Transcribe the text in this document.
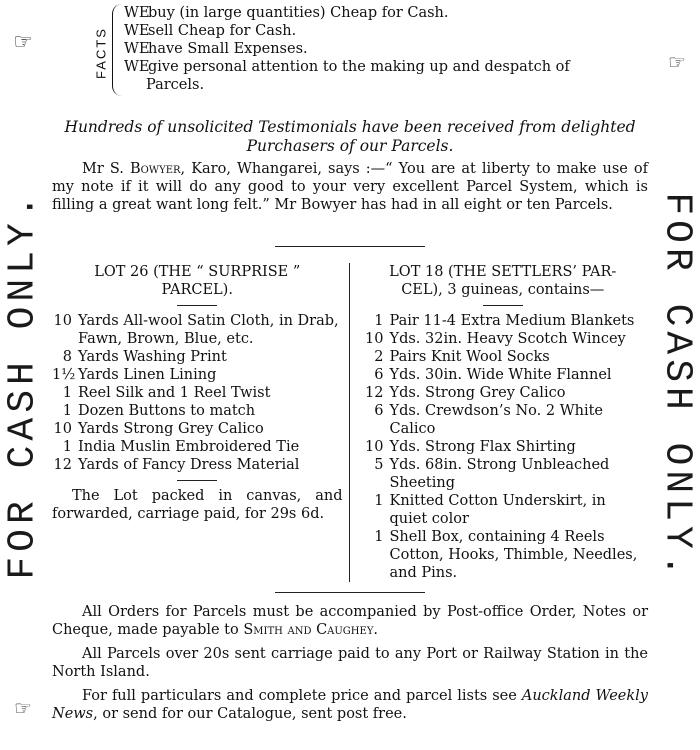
☞
FOR CASH ONLY.
☞
☞
FOR CASH ONLY.
FACTS
WE
buy (in large quantities) Cheap for Cash.
WE
sell Cheap for Cash.
WE
have Small Expenses.
WE
give personal attention to the making up and despatch of
Parcels.
Hundreds of unsolicited Testimonials have been received from delighted Purchasers of our Parcels.

Mr S. Bowyer, Karo, Whangarei, says :—“ You are at liberty to make use of my note if it will do any good to your very excellent Parcel System, which is filling a great want long felt.” Mr Bowyer has had in all eight or ten Parcels.

LOT 26 (THE “ SURPRISE ”
PARCEL).
10 Yards All-wool Satin Cloth, in Drab, Fawn, Brown, Blue, etc.
8 Yards Washing Print
1½ Yards Linen Lining
1 Reel Silk and 1 Reel Twist
1 Dozen Buttons to match
10 Yards Strong Grey Calico
1 India Muslin Embroidered Tie
12 Yards of Fancy Dress Material
The Lot packed in canvas, and forwarded, carriage paid, for 29s 6d.
LOT 18 (THE SETTLERS’ PAR-
CEL), 3 guineas, contains—
1 Pair 11-4 Extra Medium Blankets
10 Yds. 32in. Heavy Scotch Wincey
2 Pairs Knit Wool Socks
6 Yds. 30in. Wide White Flannel
12 Yds. Strong Grey Calico
6 Yds. Crewdson’s No. 2 White Calico
10 Yds. Strong Flax Shirting
5 Yds. 68in. Strong Unbleached Sheeting
1 Knitted Cotton Underskirt, in quiet color
1 Shell Box, containing 4 Reels Cotton, Hooks, Thimble, Needles, and Pins.

All Orders for Parcels must be accompanied by Post-office Order, Notes or Cheque, made payable to Smith and Caughey.

All Parcels over 20s sent carriage paid to any Port or Railway Station in the North Island.

For full particulars and complete price and parcel lists see Auckland Weekly News, or send for our Catalogue, sent post free.
